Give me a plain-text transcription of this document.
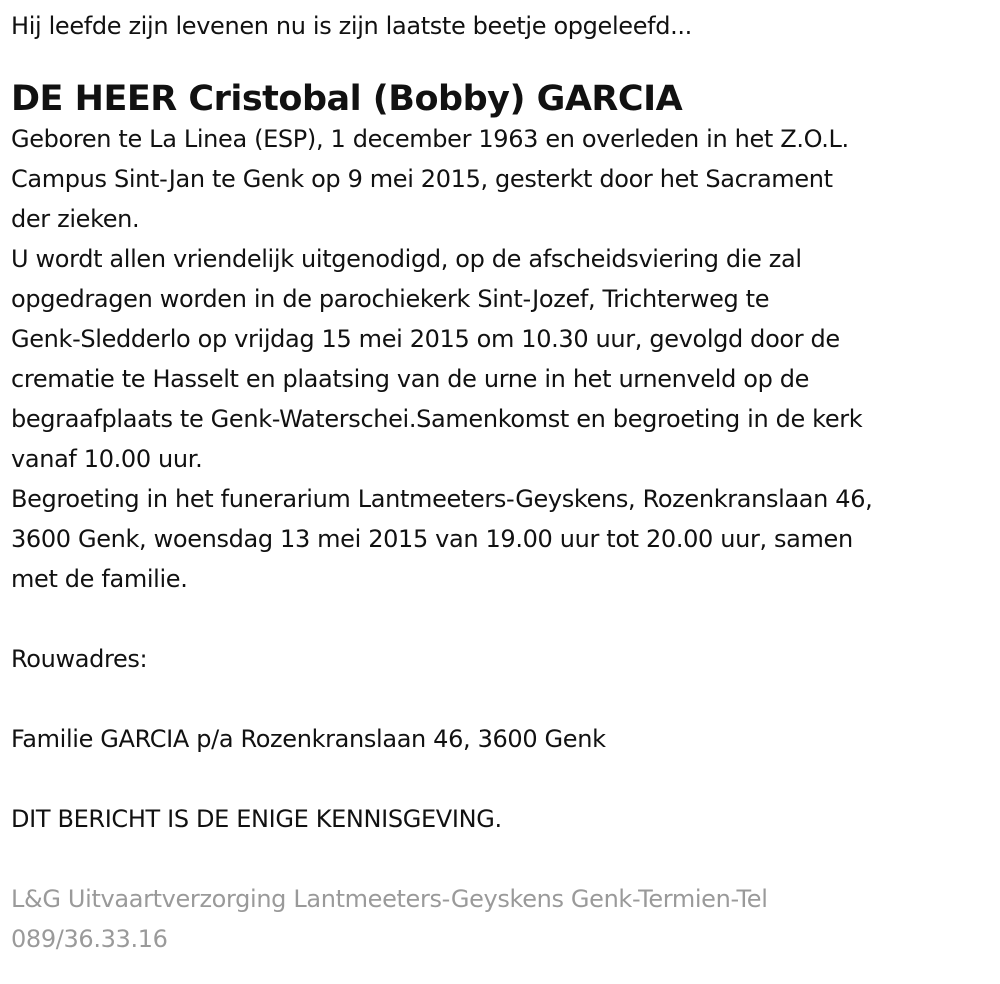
Hij leefde zijn levenen nu is zijn laatste beetje opgeleefd...

DE HEER Cristobal (Bobby) GARCIA

Geboren te La Linea (ESP), 1 december 1963 en overleden in het Z.O.L.

Campus Sint-Jan te Genk op 9 mei 2015, gesterkt door het Sacrament

der zieken.

U wordt allen vriendelijk uitgenodigd, op de afscheidsviering die zal

opgedragen worden in de parochiekerk Sint-Jozef, Trichterweg te

Genk-Sledderlo op vrijdag 15 mei 2015 om 10.30 uur, gevolgd door de

crematie te Hasselt en plaatsing van de urne in het urnenveld op de

begraafplaats te Genk-Waterschei.Samenkomst en begroeting in de kerk

vanaf 10.00 uur.

Begroeting in het funerarium Lantmeeters-Geyskens, Rozenkranslaan 46,

3600 Genk, woensdag 13 mei 2015 van 19.00 uur tot 20.00 uur, samen

met de familie.

Rouwadres:

Familie GARCIA p/a Rozenkranslaan 46, 3600 Genk

DIT BERICHT IS DE ENIGE KENNISGEVING.

L&G Uitvaartverzorging Lantmeeters-Geyskens Genk-Termien-Tel

089/36.33.16
